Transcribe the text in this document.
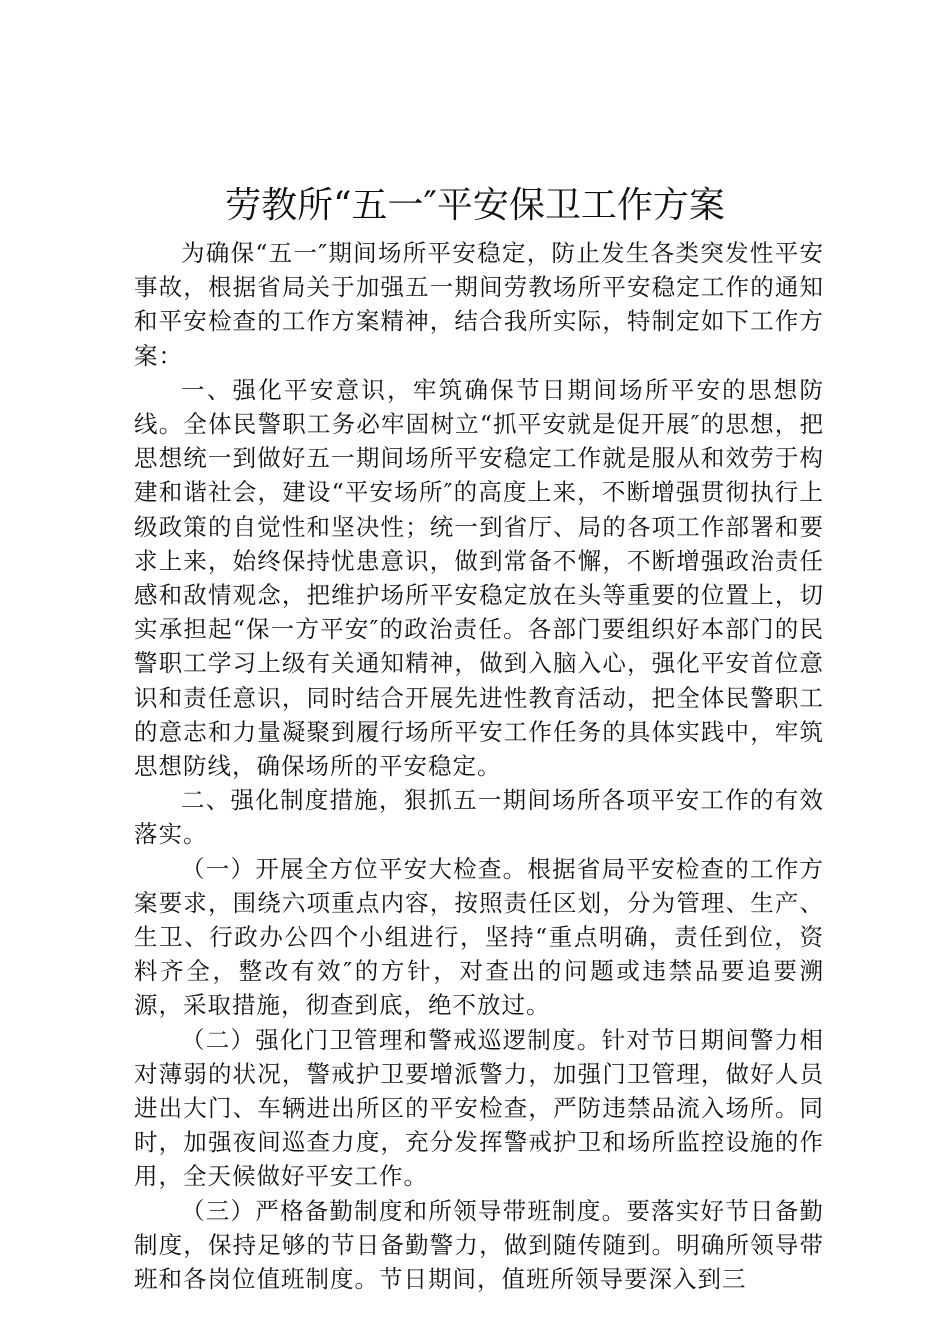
劳教所“五一″平安保卫工作方案

为确保“五一″期间场所平安稳定，防止发生各类突发性平安事故，根据省局关于加强五一期间劳教场所平安稳定工作的通知和平安检查的工作方案精神，结合我所实际，特制定如下工作方案：

一、强化平安意识，牢筑确保节日期间场所平安的思想防线。全体民警职工务必牢固树立“抓平安就是促开展″的思想，把思想统一到做好五一期间场所平安稳定工作就是服从和效劳于构建和谐社会，建设“平安场所″的高度上来，不断增强贯彻执行上级政策的自觉性和坚决性；统一到省厅、局的各项工作部署和要求上来，始终保持忧患意识，做到常备不懈，不断增强政治责任感和敌情观念，把维护场所平安稳定放在头等重要的位置上，切实承担起“保一方平安″的政治责任。各部门要组织好本部门的民警职工学习上级有关通知精神，做到入脑入心，强化平安首位意识和责任意识，同时结合开展先进性教育活动，把全体民警职工的意志和力量凝聚到履行场所平安工作任务的具体实践中，牢筑思想防线，确保场所的平安稳定。

二、强化制度措施，狠抓五一期间场所各项平安工作的有效落实。

（一）开展全方位平安大检查。根据省局平安检查的工作方案要求，围绕六项重点内容，按照责任区划，分为管理、生产、生卫、行政办公四个小组进行，坚持“重点明确，责任到位，资料齐全，整改有效″的方针，对查出的问题或违禁品要追要溯源，采取措施，彻查到底，绝不放过。

（二）强化门卫管理和警戒巡逻制度。针对节日期间警力相对薄弱的状况，警戒护卫要增派警力，加强门卫管理，做好人员进出大门、车辆进出所区的平安检查，严防违禁品流入场所。同时，加强夜间巡查力度，充分发挥警戒护卫和场所监控设施的作用，全天候做好平安工作。

（三）严格备勤制度和所领导带班制度。要落实好节日备勤制度，保持足够的节日备勤警力，做到随传随到。明确所领导带班和各岗位值班制度。节日期间，值班所领导要深入到三
